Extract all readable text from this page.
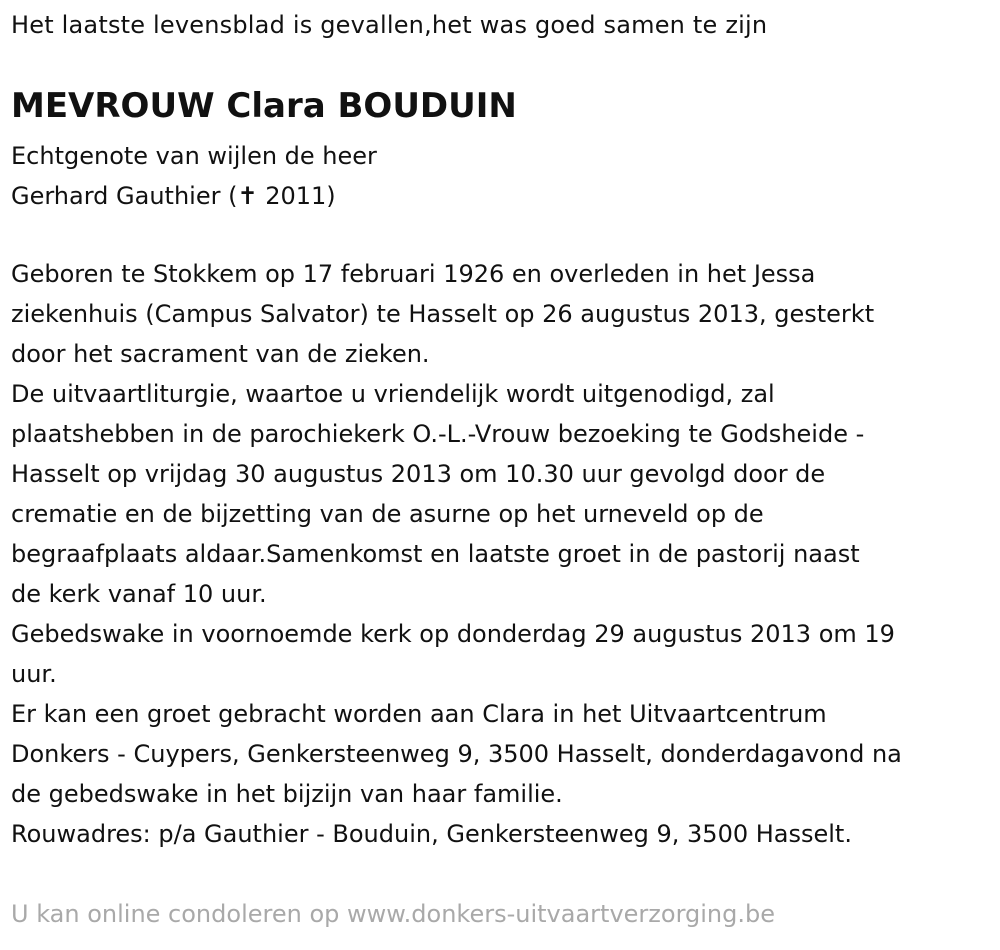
Het laatste levensblad is gevallen,het was goed samen te zijn
MEVROUW Clara BOUDUIN
Echtgenote van wijlen de heer
Gerhard Gauthier (✝ 2011)
Geboren te Stokkem op 17 februari 1926 en overleden in het Jessa
ziekenhuis (Campus Salvator) te Hasselt op 26 augustus 2013, gesterkt
door het sacrament van de zieken.
De uitvaartliturgie, waartoe u vriendelijk wordt uitgenodigd, zal
plaatshebben in de parochiekerk O.-L.-Vrouw bezoeking te Godsheide -
Hasselt op vrijdag 30 augustus 2013 om 10.30 uur gevolgd door de
crematie en de bijzetting van de asurne op het urneveld op de
begraafplaats aldaar.Samenkomst en laatste groet in de pastorij naast
de kerk vanaf 10 uur.
Gebedswake in voornoemde kerk op donderdag 29 augustus 2013 om 19
uur.
Er kan een groet gebracht worden aan Clara in het Uitvaartcentrum
Donkers - Cuypers, Genkersteenweg 9, 3500 Hasselt, donderdagavond na
de gebedswake in het bijzijn van haar familie.
Rouwadres: p/a Gauthier - Bouduin, Genkersteenweg 9, 3500 Hasselt.
U kan online condoleren op www.donkers-uitvaartverzorging.be
